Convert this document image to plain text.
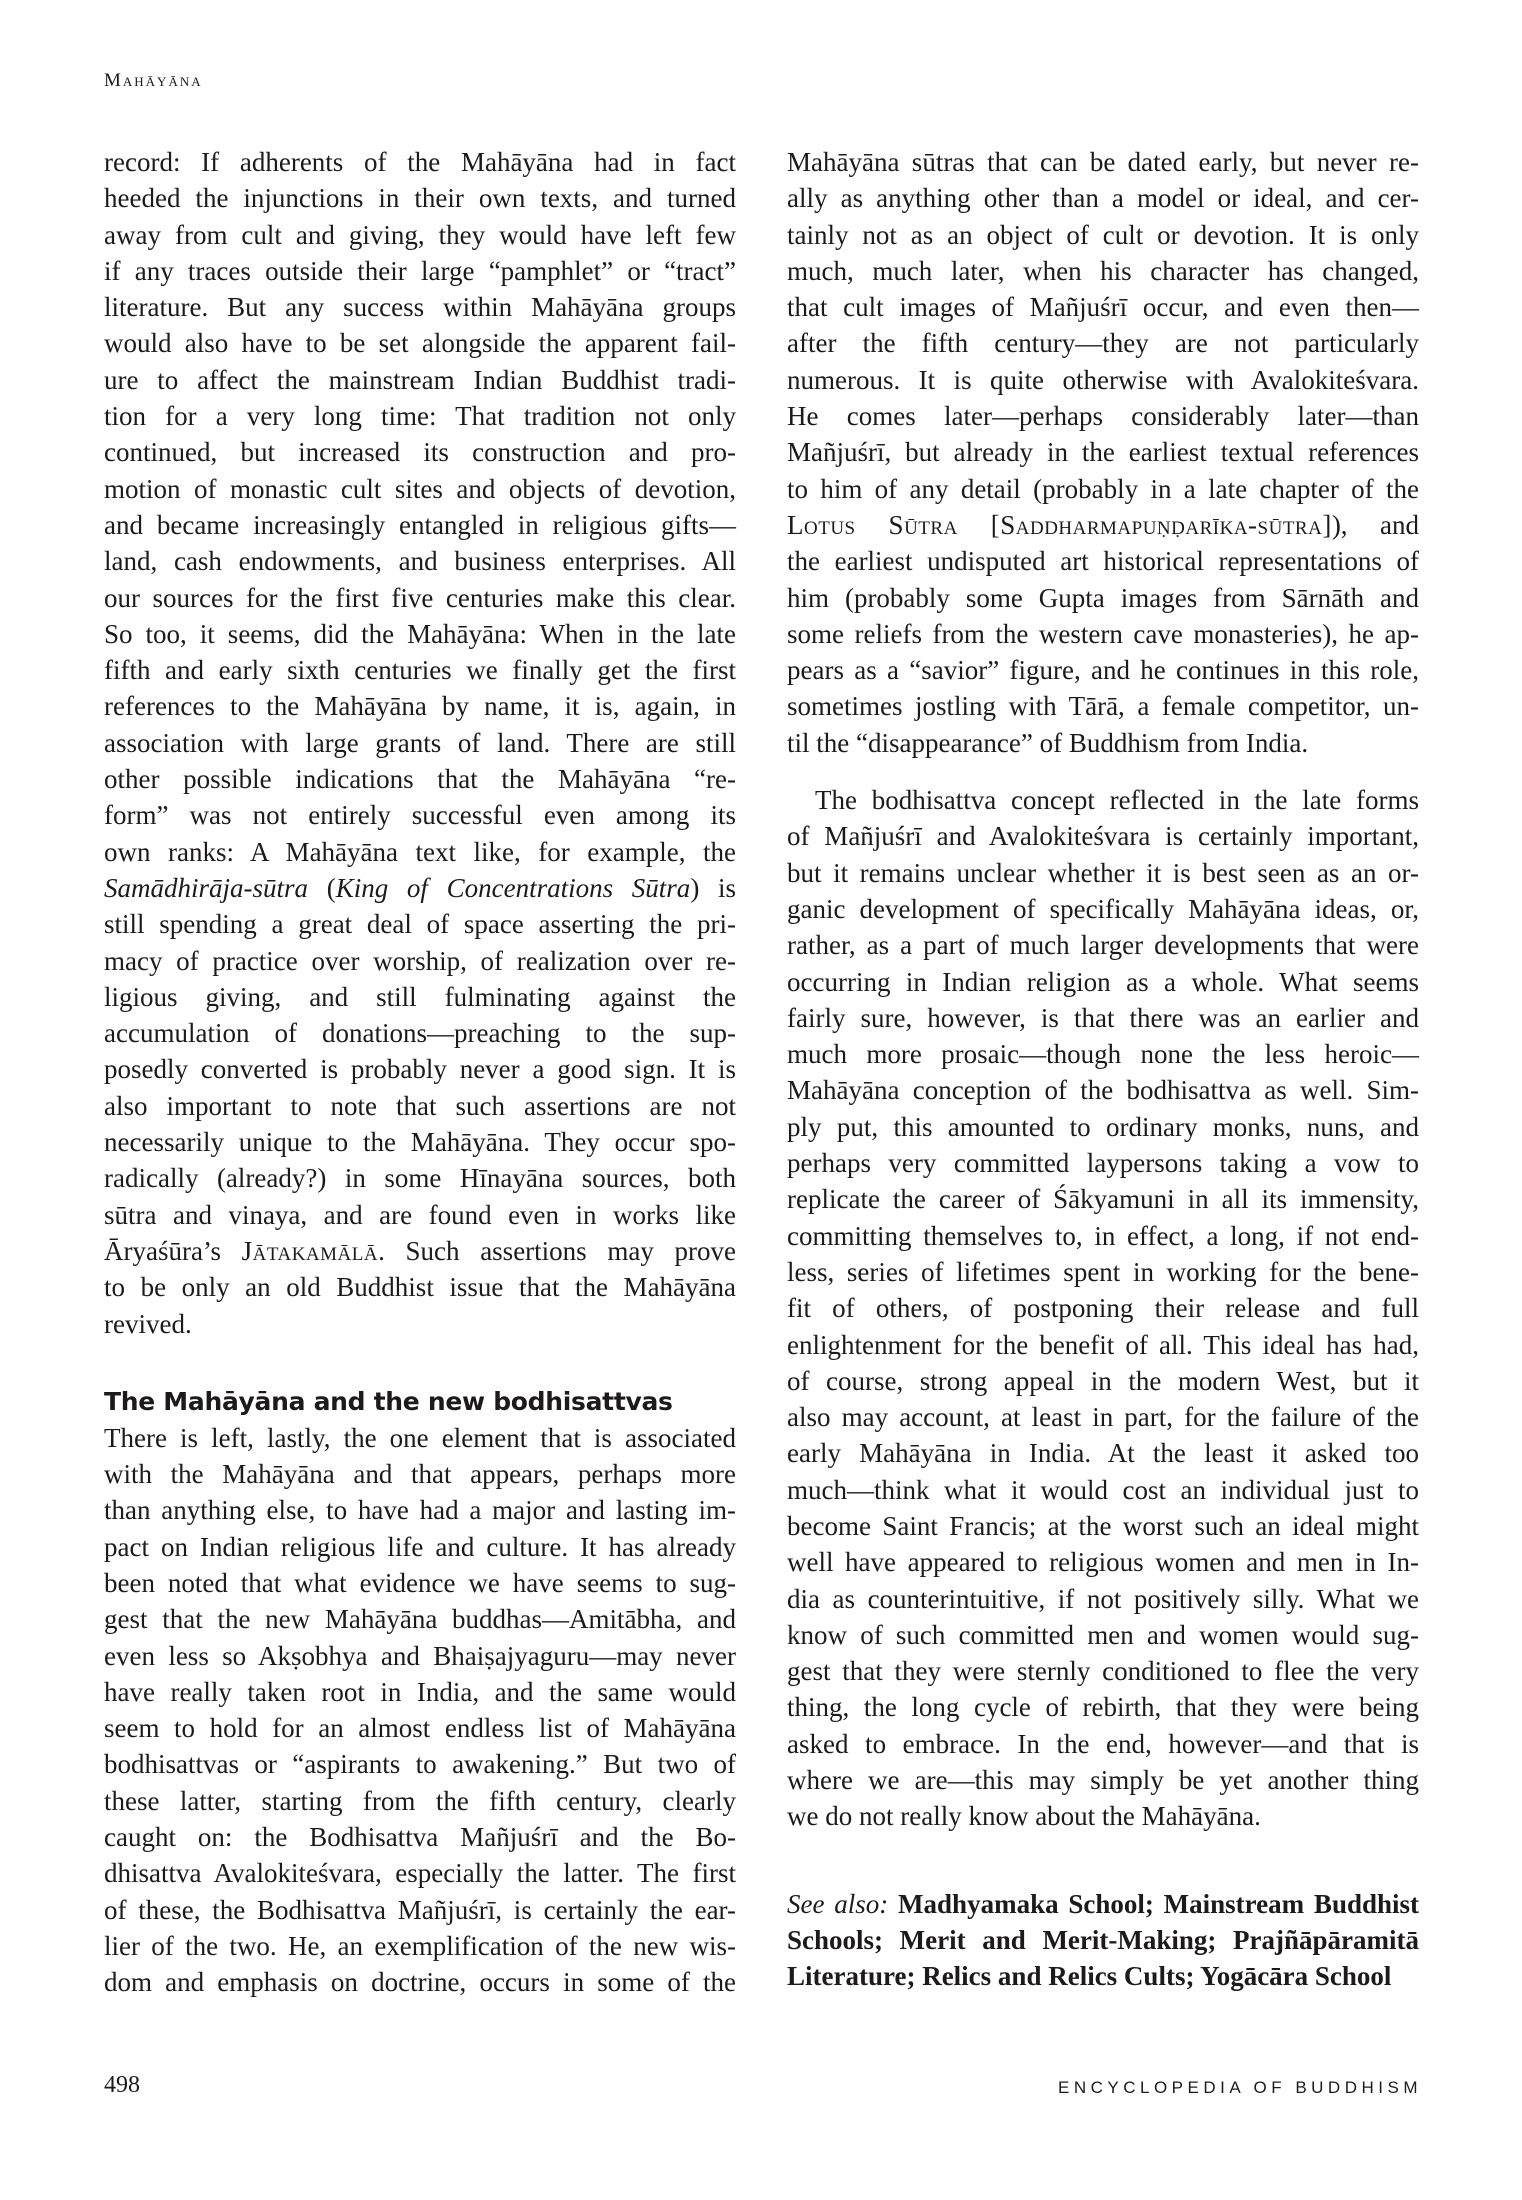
Mahāyāna
record: If adherents of the Mahāyāna had in fact
heeded the injunctions in their own texts, and turned
away from cult and giving, they would have left few
if any traces outside their large “pamphlet” or “tract”
literature. But any success within Mahāyāna groups
would also have to be set alongside the apparent fail-
ure to affect the mainstream Indian Buddhist tradi-
tion for a very long time: That tradition not only
continued, but increased its construction and pro-
motion of monastic cult sites and objects of devotion,
and became increasingly entangled in religious gifts—
land, cash endowments, and business enterprises. All
our sources for the first five centuries make this clear.
So too, it seems, did the Mahāyāna: When in the late
fifth and early sixth centuries we finally get the first
references to the Mahāyāna by name, it is, again, in
association with large grants of land. There are still
other possible indications that the Mahāyāna “re-
form” was not entirely successful even among its
own ranks: A Mahāyāna text like, for example, the
Samādhirāja-sūtra (King of Concentrations Sūtra) is
still spending a great deal of space asserting the pri-
macy of practice over worship, of realization over re-
ligious giving, and still fulminating against the
accumulation of donations—preaching to the sup-
posedly converted is probably never a good sign. It is
also important to note that such assertions are not
necessarily unique to the Mahāyāna. They occur spo-
radically (already?) in some Hīnayāna sources, both
sūtra and vinaya, and are found even in works like
Āryaśūra’s Jātakamālā. Such assertions may prove
to be only an old Buddhist issue that the Mahāyāna
revived.
The Mahāyāna and the new bodhisattvas
There is left, lastly, the one element that is associated
with the Mahāyāna and that appears, perhaps more
than anything else, to have had a major and lasting im-
pact on Indian religious life and culture. It has already
been noted that what evidence we have seems to sug-
gest that the new Mahāyāna buddhas—Amitābha, and
even less so Akṣobhya and Bhaiṣajyaguru—may never
have really taken root in India, and the same would
seem to hold for an almost endless list of Mahāyāna
bodhisattvas or “aspirants to awakening.” But two of
these latter, starting from the fifth century, clearly
caught on: the Bodhisattva Mañjuśrī and the Bo-
dhisattva Avalokiteśvara, especially the latter. The first
of these, the Bodhisattva Mañjuśrī, is certainly the ear-
lier of the two. He, an exemplification of the new wis-
dom and emphasis on doctrine, occurs in some of the
Mahāyāna sūtras that can be dated early, but never re-
ally as anything other than a model or ideal, and cer-
tainly not as an object of cult or devotion. It is only
much, much later, when his character has changed,
that cult images of Mañjuśrī occur, and even then—
after the fifth century—they are not particularly
numerous. It is quite otherwise with Avalokiteśvara.
He comes later—perhaps considerably later—than
Mañjuśrī, but already in the earliest textual references
to him of any detail (probably in a late chapter of the
Lotus Sūtra [Saddharmapuṇḍarīka-sūtra]), and
the earliest undisputed art historical representations of
him (probably some Gupta images from Sārnāth and
some reliefs from the western cave monasteries), he ap-
pears as a “savior” figure, and he continues in this role,
sometimes jostling with Tārā, a female competitor, un-
til the “disappearance” of Buddhism from India.
The bodhisattva concept reflected in the late forms
of Mañjuśrī and Avalokiteśvara is certainly important,
but it remains unclear whether it is best seen as an or-
ganic development of specifically Mahāyāna ideas, or,
rather, as a part of much larger developments that were
occurring in Indian religion as a whole. What seems
fairly sure, however, is that there was an earlier and
much more prosaic—though none the less heroic—
Mahāyāna conception of the bodhisattva as well. Sim-
ply put, this amounted to ordinary monks, nuns, and
perhaps very committed laypersons taking a vow to
replicate the career of Śākyamuni in all its immensity,
committing themselves to, in effect, a long, if not end-
less, series of lifetimes spent in working for the bene-
fit of others, of postponing their release and full
enlightenment for the benefit of all. This ideal has had,
of course, strong appeal in the modern West, but it
also may account, at least in part, for the failure of the
early Mahāyāna in India. At the least it asked too
much—think what it would cost an individual just to
become Saint Francis; at the worst such an ideal might
well have appeared to religious women and men in In-
dia as counterintuitive, if not positively silly. What we
know of such committed men and women would sug-
gest that they were sternly conditioned to flee the very
thing, the long cycle of rebirth, that they were being
asked to embrace. In the end, however—and that is
where we are—this may simply be yet another thing
we do not really know about the Mahāyāna.
See also: Madhyamaka School; Mainstream Buddhist
Schools; Merit and Merit-Making; Prajñāpāramitā
Literature; Relics and Relics Cults; Yogācāra School
498	ENCYCLOPEDIA OF BUDDHISM
